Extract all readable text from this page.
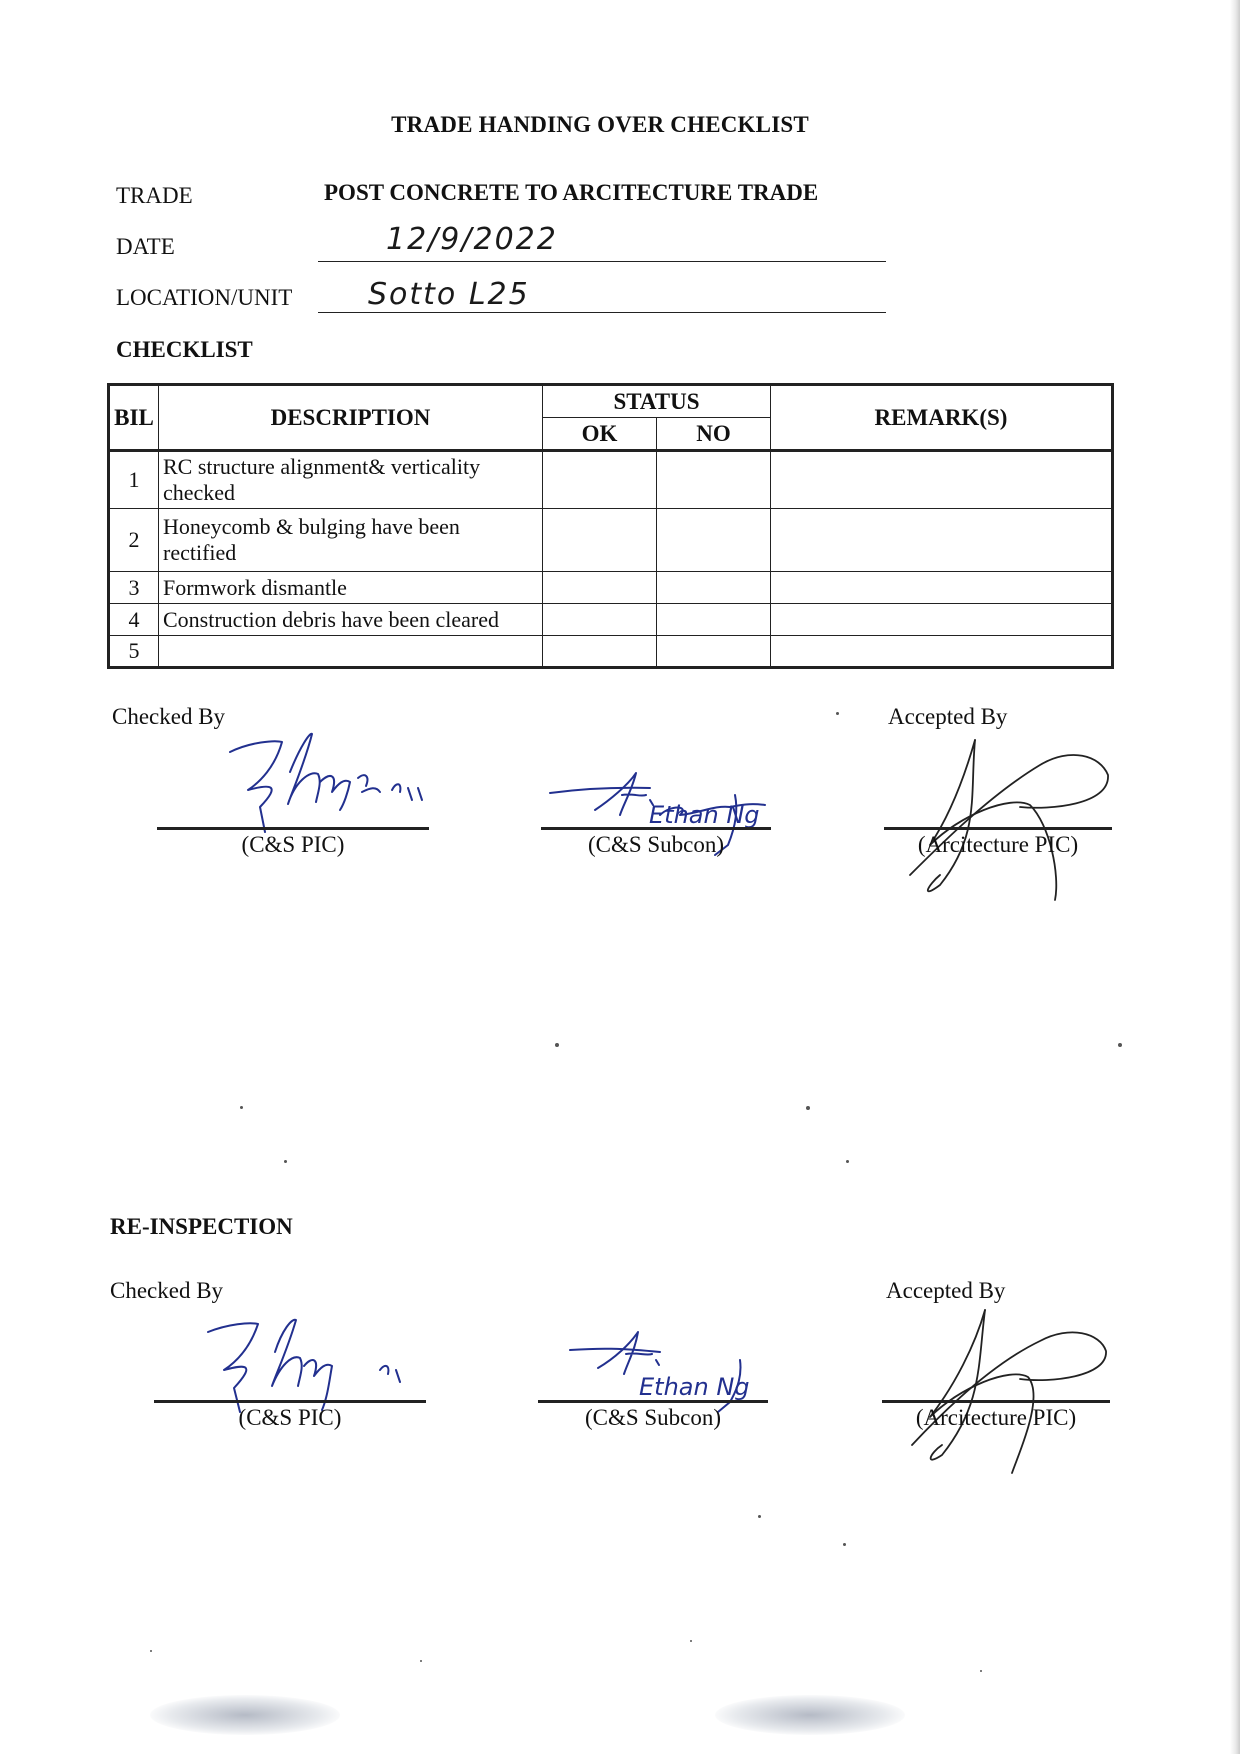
TRADE HANDING OVER CHECKLIST
TRADE	POST CONCRETE TO ARCITECTURE TRADE
DATE	12/9/2022
LOCATION/UNIT	Sotto L25
CHECKLIST
BIL	DESCRIPTION	STATUS		REMARK(S)
		OK	NO	
1	RC structure alignment& verticality checked			
2	Honeycomb & bulging have been rectified			
3	Formwork dismantle			
4	Construction debris have been cleared			
5				
Checked By	Accepted By
(C&S PIC)
Ethan Ng
(C&S Subcon)	(Arcitecture PIC)
RE-INSPECTION
Checked By	Accepted By
(C&S PIC)
Ethan Ng
(C&S Subcon)	(Arcitecture PIC)
